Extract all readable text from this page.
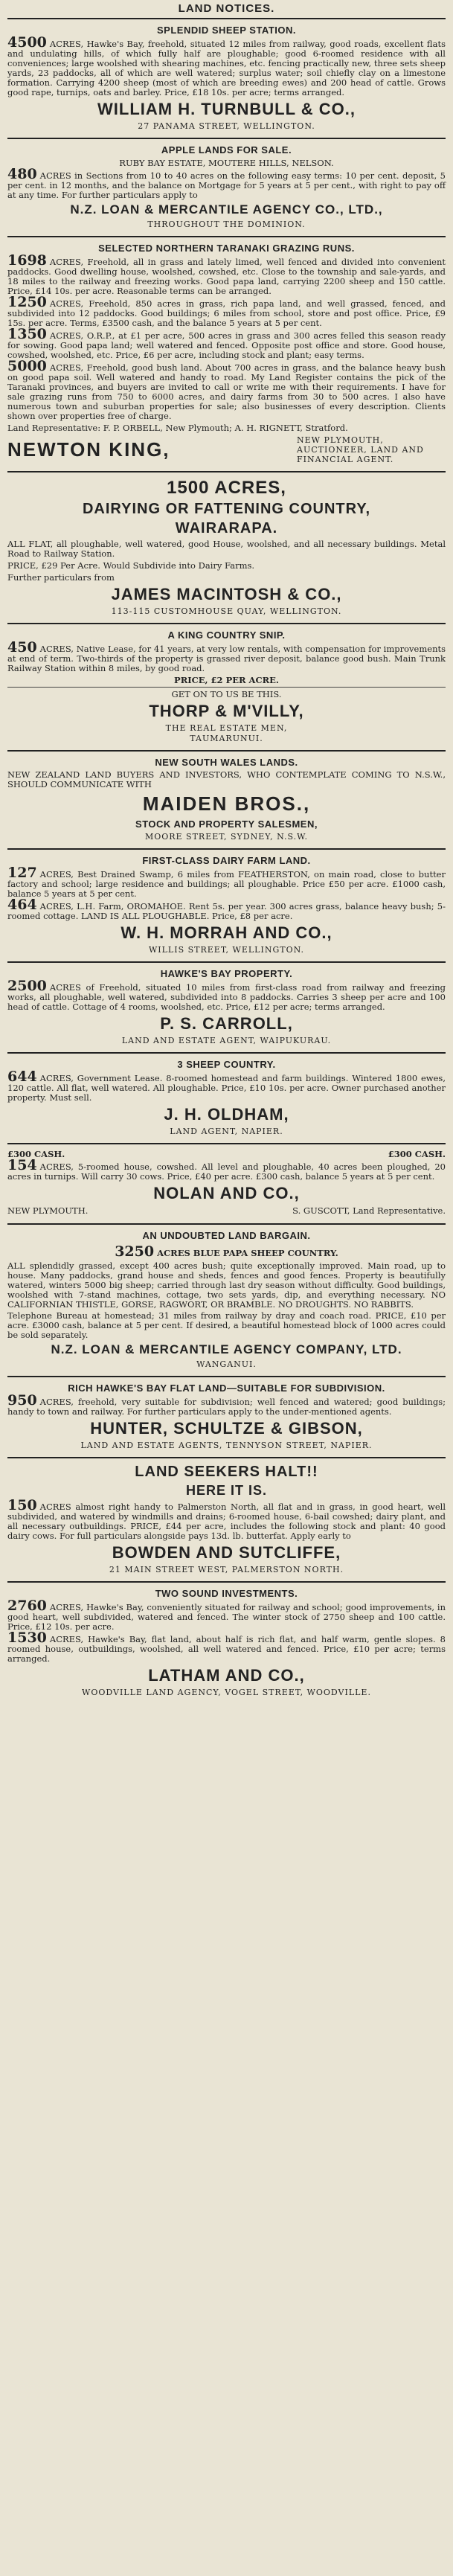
LAND NOTICES.
SPLENDID SHEEP STATION.
4500 ACRES, Hawke's Bay, freehold, situated 12 miles from railway, good roads, excellent flats and undulating hills, of which fully half are ploughable; good 6-roomed residence with all conveniences; large woolshed with shearing machines, etc. fencing practically new, three sets sheep yards, 23 paddocks, all of which are well watered; surplus water; soil chiefly clay on a limestone formation. Carrying 4200 sheep (most of which are breeding ewes) and 200 head of cattle. Grows good rape, turnips, oats and barley. Price, £18 10s. per acre; terms arranged.
WILLIAM H. TURNBULL & CO.,
27 PANAMA STREET, WELLINGTON.
APPLE LANDS FOR SALE.
RUBY BAY ESTATE, MOUTERE HILLS, NELSON.
480 ACRES in Sections from 10 to 40 acres on the following easy terms: 10 per cent. deposit, 5 per cent. in 12 months, and the balance on Mortgage for 5 years at 5 per cent., with right to pay off at any time. For further particulars apply to
N.Z. LOAN & MERCANTILE AGENCY CO., LTD.,
THROUGHOUT THE DOMINION.
SELECTED NORTHERN TARANAKI GRAZING RUNS.
1698 ACRES, Freehold, all in grass and lately limed, well fenced and divided into convenient paddocks. Good dwelling house, woolshed, cowshed, etc. Close to the township and sale-yards, and 18 miles to the railway and freezing works. Good papa land, carrying 2200 sheep and 150 cattle. Price, £14 10s. per acre. Reasonable terms can be arranged.
1250 ACRES, Freehold, 850 acres in grass, rich papa land, and well grassed, fenced, and subdivided into 12 paddocks. Good buildings; 6 miles from school, store and post office. Price, £9 15s. per acre. Terms, £3500 cash, and the balance 5 years at 5 per cent.
1350 ACRES, O.R.P., at £1 per acre, 500 acres in grass and 300 acres felled this season ready for sowing. Good papa land; well watered and fenced. Opposite post office and store. Good house, cowshed, woolshed, etc. Price, £6 per acre, including stock and plant; easy terms.
5000 ACRES, Freehold, good bush land. About 700 acres in grass, and the balance heavy bush on good papa soil. Well watered and handy to road. My Land Register contains the pick of the Taranaki provinces, and buyers are invited to call or write me with their requirements. I have for sale grazing runs from 750 to 6000 acres, and dairy farms from 30 to 500 acres. I also have numerous town and suburban properties for sale; also businesses of every description. Clients shown over properties free of charge.
Land Representative: F. P. ORBELL, New Plymouth; A. H. RIGNETT, Stratford.
NEWTON KING,	NEW PLYMOUTH, AUCTIONEER, LAND AND FINANCIAL AGENT.
1500 ACRES,
DAIRYING OR FATTENING COUNTRY,
WAIRARAPA.
ALL FLAT, all ploughable, well watered, good House, woolshed, and all necessary buildings. Metal Road to Railway Station.
PRICE, £29 Per Acre. Would Subdivide into Dairy Farms.
Further particulars from
JAMES MACINTOSH & CO.,
113-115 CUSTOMHOUSE QUAY, WELLINGTON.
A KING COUNTRY SNIP.
450 ACRES, Native Lease, for 41 years, at very low rentals, with compensation for improvements at end of term. Two-thirds of the property is grassed river deposit, balance good bush. Main Trunk Railway Station within 8 miles, by good road.
PRICE, £2 PER ACRE.
GET ON TO US BE THIS.
THORP & M'VILLY,
THE REAL ESTATE MEN,
TAUMARUNUI.
NEW SOUTH WALES LANDS.
NEW ZEALAND LAND BUYERS AND INVESTORS, WHO CONTEMPLATE COMING TO N.S.W., SHOULD COMMUNICATE WITH
MAIDEN BROS.,
STOCK AND PROPERTY SALESMEN,
MOORE STREET, SYDNEY, N.S.W.
FIRST-CLASS DAIRY FARM LAND.
127 ACRES, Best Drained Swamp, 6 miles from FEATHERSTON, on main road, close to butter factory and school; large residence and buildings; all ploughable. Price £50 per acre. £1000 cash, balance 5 years at 5 per cent.
464 ACRES, L.H. Farm, OROMAHOE. Rent 5s. per year. 300 acres grass, balance heavy bush; 5-roomed cottage. LAND IS ALL PLOUGHABLE. Price, £8 per acre.
W. H. MORRAH AND CO.,
WILLIS STREET, WELLINGTON.
HAWKE'S BAY PROPERTY.
2500 ACRES of Freehold, situated 10 miles from first-class road from railway and freezing works, all ploughable, well watered, subdivided into 8 paddocks. Carries 3 sheep per acre and 100 head of cattle. Cottage of 4 rooms, woolshed, etc. Price, £12 per acre; terms arranged.
P. S. CARROLL,
LAND AND ESTATE AGENT, WAIPUKURAU.
3 SHEEP COUNTRY.
644 ACRES, Government Lease. 8-roomed homestead and farm buildings. Wintered 1800 ewes, 120 cattle. All flat, well watered. All ploughable. Price, £10 10s. per acre. Owner purchased another property. Must sell.
J. H. OLDHAM,
LAND AGENT, NAPIER.
£300 CASH.	£300 CASH.
154 ACRES, 5-roomed house, cowshed. All level and ploughable, 40 acres been ploughed, 20 acres in turnips. Will carry 30 cows. Price, £40 per acre. £300 cash, balance 5 years at 5 per cent.
NOLAN AND CO.,
NEW PLYMOUTH.	S. GUSCOTT, Land Representative.
AN UNDOUBTED LAND BARGAIN.
3250 ACRES BLUE PAPA SHEEP COUNTRY.
ALL splendidly grassed, except 400 acres bush; quite exceptionally improved. Main road, up to house. Many paddocks, grand house and sheds, fences and good fences. Property is beautifully watered, winters 5000 big sheep; carried through last dry season without difficulty. Good buildings, woolshed with 7-stand machines, cottage, two sets yards, dip, and everything necessary. NO CALIFORNIAN THISTLE, GORSE, RAGWORT, OR BRAMBLE. NO DROUGHTS. NO RABBITS.
Telephone Bureau at homestead; 31 miles from railway by dray and coach road. PRICE, £10 per acre. £3000 cash, balance at 5 per cent. If desired, a beautiful homestead block of 1000 acres could be sold separately.
N.Z. LOAN & MERCANTILE AGENCY COMPANY, LTD.
WANGANUI.
RICH HAWKE'S BAY FLAT LAND—SUITABLE FOR SUBDIVISION.
950 ACRES, freehold, very suitable for subdivision; well fenced and watered; good buildings; handy to town and railway. For further particulars apply to the under-mentioned agents.
HUNTER, SCHULTZE & GIBSON,
LAND AND ESTATE AGENTS, TENNYSON STREET, NAPIER.
LAND SEEKERS HALT!!
HERE IT IS.
150 ACRES almost right handy to Palmerston North, all flat and in grass, in good heart, well subdivided, and watered by windmills and drains; 6-roomed house, 6-bail cowshed; dairy plant, and all necessary outbuildings. PRICE, £44 per acre, includes the following stock and plant: 40 good dairy cows. For full particulars alongside pays 13d. lb. butterfat. Apply early to
BOWDEN AND SUTCLIFFE,
21 MAIN STREET WEST, PALMERSTON NORTH.
TWO SOUND INVESTMENTS.
2760 ACRES, Hawke's Bay, conveniently situated for railway and school; good improvements, in good heart, well subdivided, watered and fenced. The winter stock of 2750 sheep and 100 cattle. Price, £12 10s. per acre.
1530 ACRES, Hawke's Bay, flat land, about half is rich flat, and half warm, gentle slopes. 8 roomed house, outbuildings, woolshed, all well watered and fenced. Price, £10 per acre; terms arranged.
LATHAM AND CO.,
WOODVILLE LAND AGENCY, VOGEL STREET, WOODVILLE.
